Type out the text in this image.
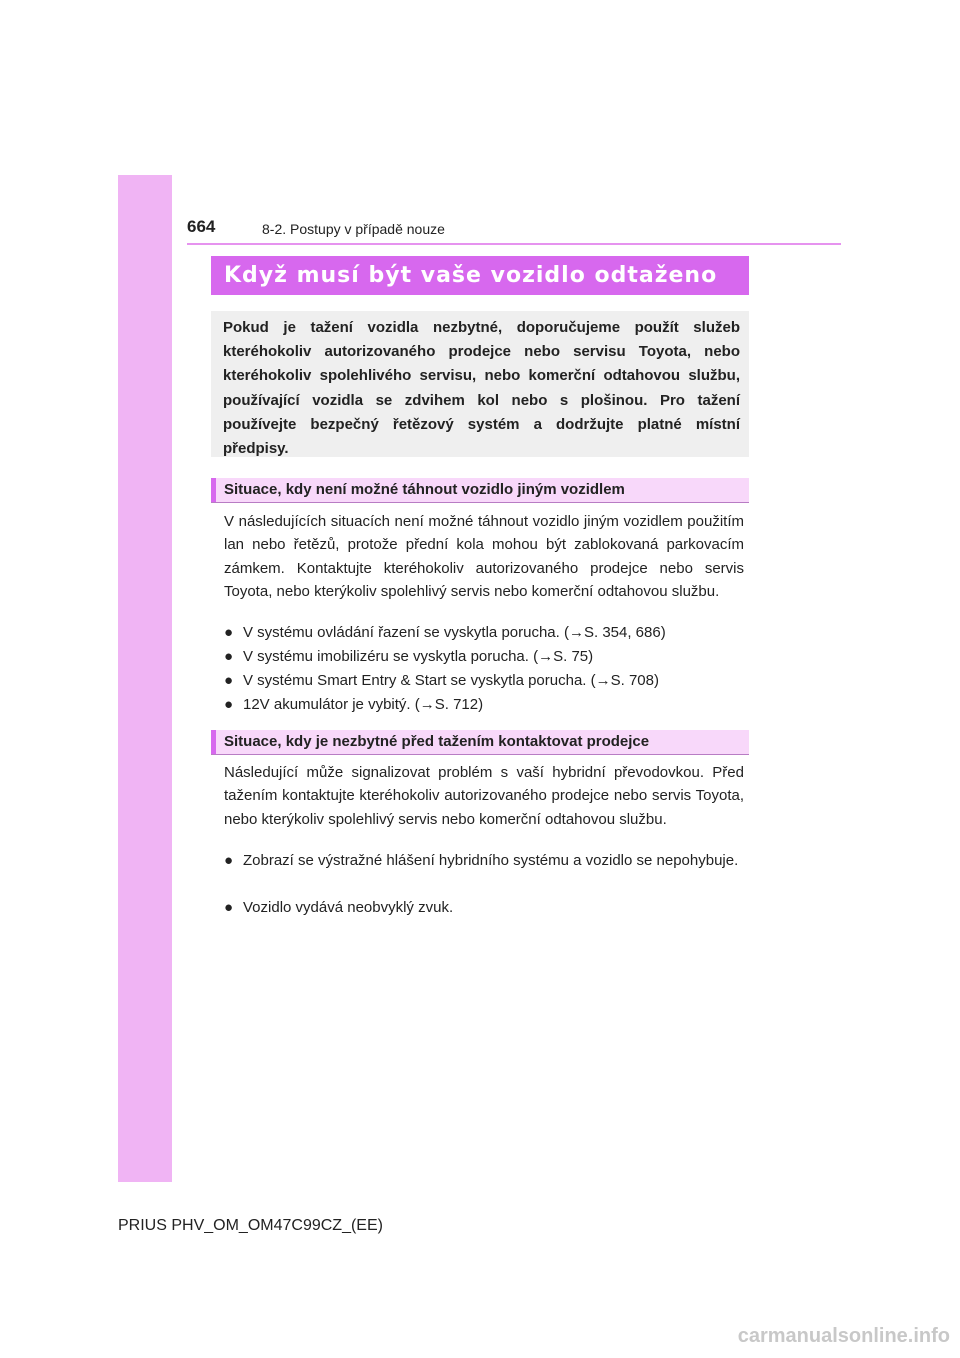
664	8-2. Postupy v případě nouze
Když musí být vaše vozidlo odtaženo

Pokud je tažení vozidla nezbytné, doporučujeme použít služeb kteréhokoliv autorizovaného prodejce nebo servisu Toyota, nebo kteréhokoliv spolehlivého servisu, nebo komerční odtahovou službu, používající vozidla se zdvihem kol nebo s plošinou. Pro tažení používejte bezpečný řetězový systém a dodržujte platné místní předpisy.

Situace, kdy není možné táhnout vozidlo jiným vozidlem

V následujících situacích není možné táhnout vozidlo jiným vozidlem použitím lan nebo řetězů, protože přední kola mohou být zablokovaná parkovacím zámkem. Kontaktujte kteréhokoliv autorizovaného prodejce nebo servis Toyota, nebo kterýkoliv spolehlivý servis nebo komerční odtahovou službu.

● V systému ovládání řazení se vyskytla porucha. (→S. 354, 686)
● V systému imobilizéru se vyskytla porucha. (→S. 75)
● V systému Smart Entry & Start se vyskytla porucha. (→S. 708)
● 12V akumulátor je vybitý. (→S. 712)
Situace, kdy je nezbytné před tažením kontaktovat prodejce

Následující může signalizovat problém s vaší hybridní převodovkou. Před tažením kontaktujte kteréhokoliv autorizovaného prodejce nebo servis Toyota, nebo kterýkoliv spolehlivý servis nebo komerční odtahovou službu.

● Zobrazí se výstražné hlášení hybridního systému a vozidlo se nepohybuje.
● Vozidlo vydává neobvyklý zvuk.
PRIUS PHV_OM_OM47C99CZ_(EE)
carmanualsonline.info
